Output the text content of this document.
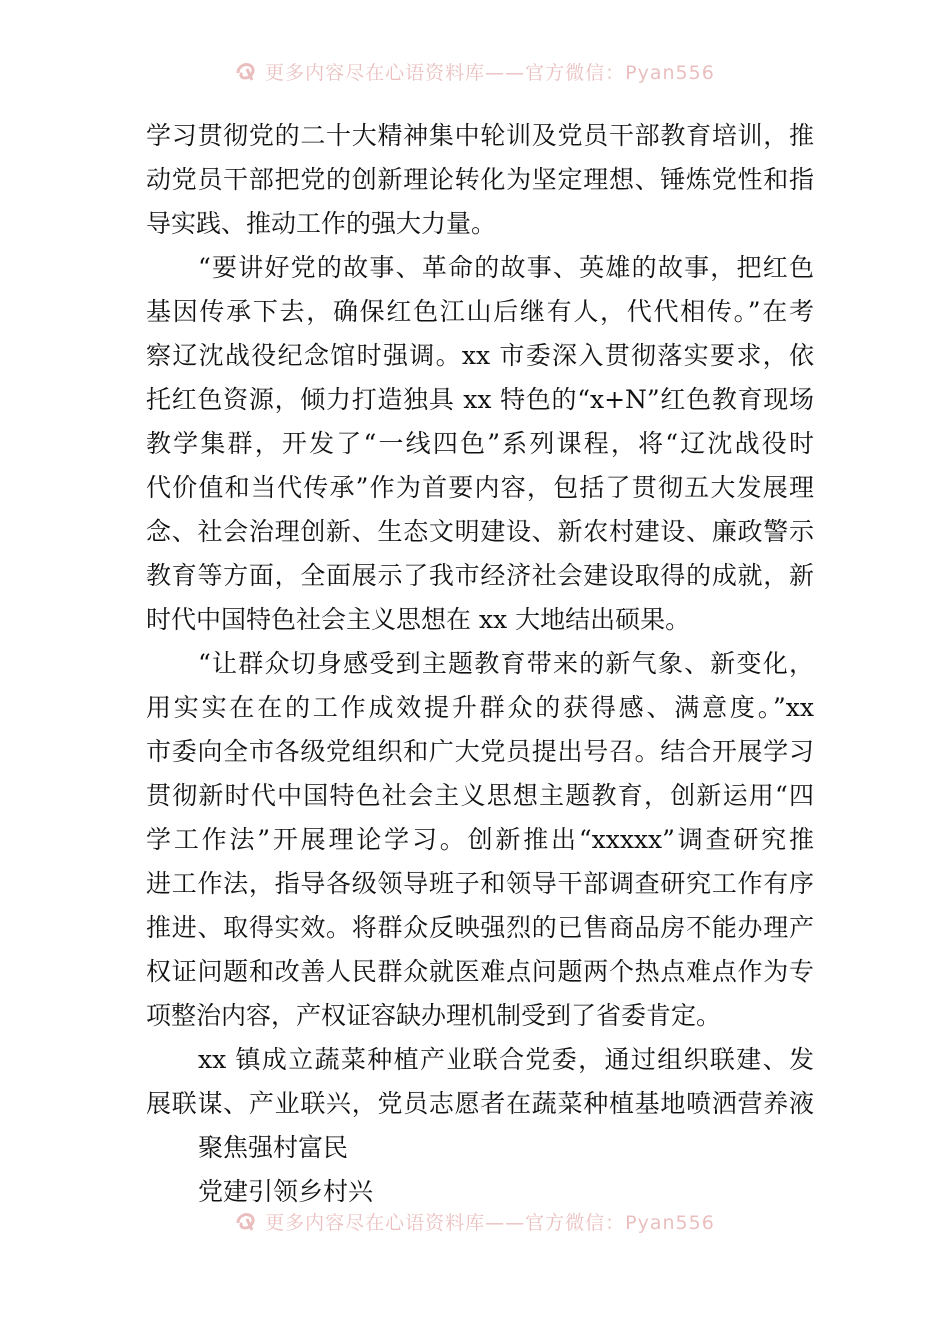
更多内容尽在心语资料库——官方微信：Pyan556
学习贯彻党的二十大精神集中轮训及党员干部教育培训，推
动党员干部把党的创新理论转化为坚定理想、锤炼党性和指
导实践、推动工作的强大力量。
“要讲好党的故事、革命的故事、英雄的故事，把红色
基因传承下去，确保红色江山后继有人，代代相传。”在考
察辽沈战役纪念馆时强调。xx 市委深入贯彻落实要求，依
托红色资源，倾力打造独具 xx 特色的“x+N”红色教育现场
教学集群，开发了“一线四色”系列课程，将“辽沈战役时
代价值和当代传承”作为首要内容，包括了贯彻五大发展理
念、社会治理创新、生态文明建设、新农村建设、廉政警示
教育等方面，全面展示了我市经济社会建设取得的成就，新
时代中国特色社会主义思想在 xx 大地结出硕果。
“让群众切身感受到主题教育带来的新气象、新变化，
用实实在在的工作成效提升群众的获得感、满意度。”xx
市委向全市各级党组织和广大党员提出号召。结合开展学习
贯彻新时代中国特色社会主义思想主题教育，创新运用“四
学工作法”开展理论学习。创新推出“xxxxx”调查研究推
进工作法，指导各级领导班子和领导干部调查研究工作有序
推进、取得实效。将群众反映强烈的已售商品房不能办理产
权证问题和改善人民群众就医难点问题两个热点难点作为专
项整治内容，产权证容缺办理机制受到了省委肯定。
xx 镇成立蔬菜种植产业联合党委，通过组织联建、发
展联谋、产业联兴，党员志愿者在蔬菜种植基地喷洒营养液
聚焦强村富民
党建引领乡村兴
更多内容尽在心语资料库——官方微信：Pyan556
